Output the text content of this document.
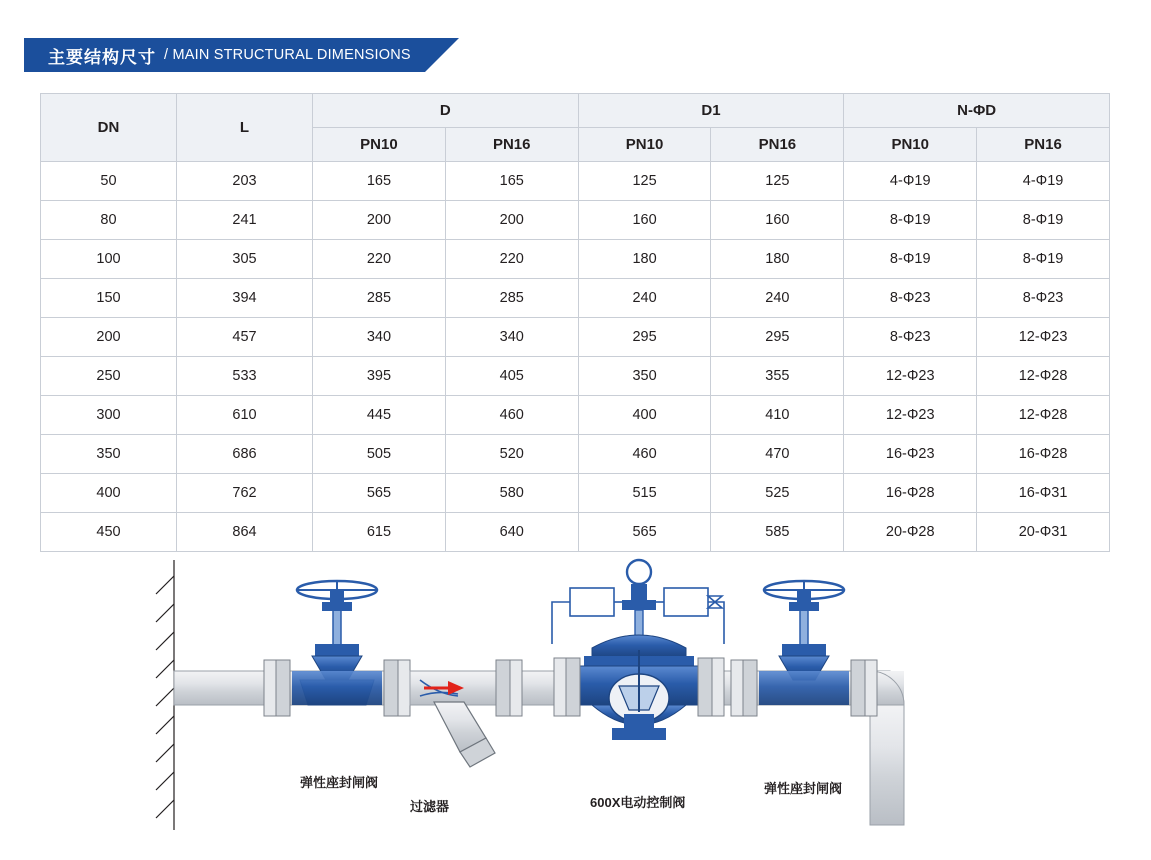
主要结构尺寸 / MAIN STRUCTURAL DIMENSIONS
DN	L	D		D1		N-ΦD	
		PN10	PN16	PN10	PN16	PN10	PN16
50	203	165	165	125	125	4-Φ19	4-Φ19
80	241	200	200	160	160	8-Φ19	8-Φ19
100	305	220	220	180	180	8-Φ19	8-Φ19
150	394	285	285	240	240	8-Φ23	8-Φ23
200	457	340	340	295	295	8-Φ23	12-Φ23
250	533	395	405	350	355	12-Φ23	12-Φ28
300	610	445	460	400	410	12-Φ23	12-Φ28
350	686	505	520	460	470	16-Φ23	16-Φ28
400	762	565	580	515	525	16-Φ28	16-Φ31
450	864	615	640	565	585	20-Φ28	20-Φ31
弹性座封闸阀
过滤器	600X电动控制阀
弹性座封闸阀
